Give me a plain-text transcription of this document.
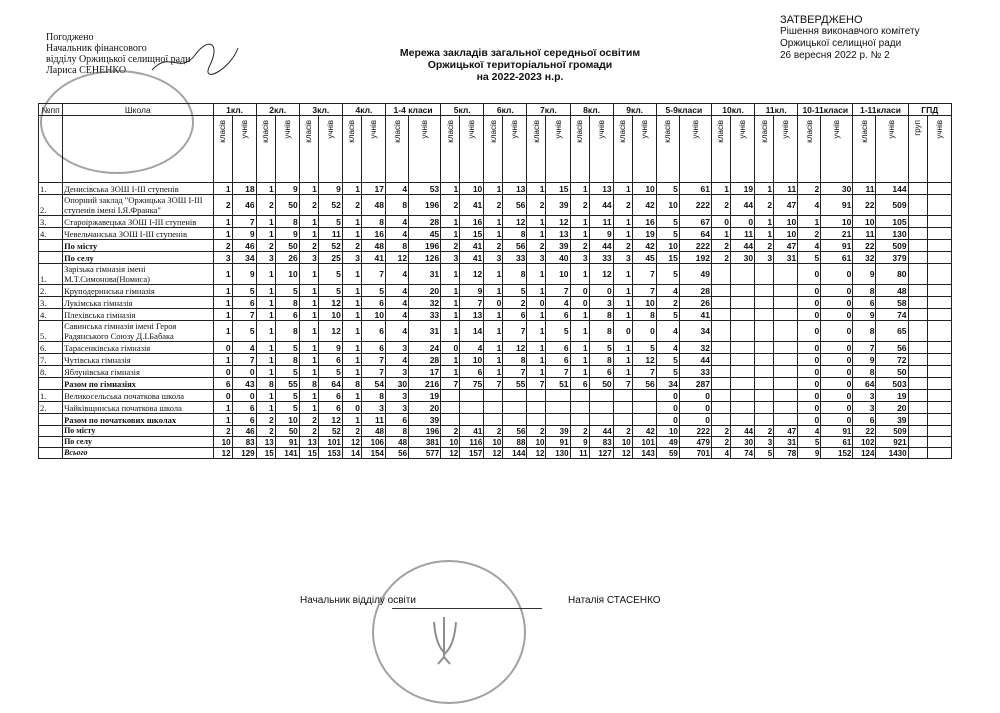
Погоджено
Начальник фінансового
відділу Оржицької селищної ради
Лариса СЕНЕНКО
ЗАТВЕРДЖЕНО
Рішення виконавчого комітету
Оржицької селищної ради
26 вересня 2022 р. № 2
Мережа закладів загальної середньої освітим
Оржицької територіальної громади
на 2022-2023 н.р.
№пп	Школа	1кл.		2кл.		3кл.		4кл.		1-4 класи		5кл.		6кл.		7кл.		8кл.		9кл.		5-9класи		10кл.		11кл.		10-11класи		1-11класи		ГПД	
		класів	учнів	класів	учнів	класів	учнів	класів	учнів	класів	учнів	класів	учнів	класів	учнів	класів	учнів	класів	учнів	класів	учнів	класів	учнів	класів	учнів	класів	учнів	класів	учнів	класів	учнів	груп	учнів
1.	Денисівська ЗОШ І-ІІІ ступенів	1	18	1	9	1	9	1	17	4	53	1	10	1	13	1	15	1	13	1	10	5	61	1	19	1	11	2	30	11	144		
2.	Опорний заклад "Оржицька ЗОШ І-ІІІ ступенів імені І.Я.Франка"	2	46	2	50	2	52	2	48	8	196	2	41	2	56	2	39	2	44	2	42	10	222	2	44	2	47	4	91	22	509		
3.	Староіржавецька ЗОШ І-ІІІ ступенів	1	7	1	8	1	5	1	8	4	28	1	16	1	12	1	12	1	11	1	16	5	67	0	0	1	10	1	10	10	105		
4.	Чевельчанська ЗОШ І-ІІІ ступенів	1	9	1	9	1	11	1	16	4	45	1	15	1	8	1	13	1	9	1	19	5	64	1	11	1	10	2	21	11	130		
	По місту	2	46	2	50	2	52	2	48	8	196	2	41	2	56	2	39	2	44	2	42	10	222	2	44	2	47	4	91	22	509		
	По селу	3	34	3	26	3	25	3	41	12	126	3	41	3	33	3	40	3	33	3	45	15	192	2	30	3	31	5	61	32	379		
1.	Зарізька гімназія імені М.Т.Симонова(Номиса)	1	9	1	10	1	5	1	7	4	31	1	12	1	8	1	10	1	12	1	7	5	49					0	0	9	80		
2.	Круподеринська гімназія	1	5	1	5	1	5	1	5	4	20	1	9	1	5	1	7	0	0	1	7	4	28					0	0	8	48		
3.	Лукімська гімназія	1	6	1	8	1	12	1	6	4	32	1	7	0	2	0	4	0	3	1	10	2	26					0	0	6	58		
4.	Плехівська гімназія	1	7	1	6	1	10	1	10	4	33	1	13	1	6	1	6	1	8	1	8	5	41					0	0	9	74		
5.	Савинська гімназія імені Героя Радянського Союзу Д.І.Бабака	1	5	1	8	1	12	1	6	4	31	1	14	1	7	1	5	1	8	0	0	4	34					0	0	8	65		
6.	Тарасенківська гімназія	0	4	1	5	1	9	1	6	3	24	0	4	1	12	1	6	1	5	1	5	4	32					0	0	7	56		
7.	Чутівська гімназія	1	7	1	8	1	6	1	7	4	28	1	10	1	8	1	6	1	8	1	12	5	44					0	0	9	72		
8.	Яблунівська гімназія	0	0	1	5	1	5	1	7	3	17	1	6	1	7	1	7	1	6	1	7	5	33					0	0	8	50		
	Разом по гімназіях	6	43	8	55	8	64	8	54	30	216	7	75	7	55	7	51	6	50	7	56	34	287					0	0	64	503		
1.	Великосельська початкова школа	0	0	1	5	1	6	1	8	3	19											0	0					0	0	3	19		
2.	Чайківщинська початкова школа	1	6	1	5	1	6	0	3	3	20											0	0					0	0	3	20		
	Разом по початкових школах	1	6	2	10	2	12	1	11	6	39											0	0					0	0	6	39		
	По місту	2	46	2	50	2	52	2	48	8	196	2	41	2	56	2	39	2	44	2	42	10	222	2	44	2	47	4	91	22	509		
	По селу	10	83	13	91	13	101	12	106	48	381	10	116	10	88	10	91	9	83	10	101	49	479	2	30	3	31	5	61	102	921		
	Всього	12	129	15	141	15	153	14	154	56	577	12	157	12	144	12	130	11	127	12	143	59	701	4	74	5	78	9	152	124	1430		
Начальник відділу освіти	Наталія СТАСЕНКО
